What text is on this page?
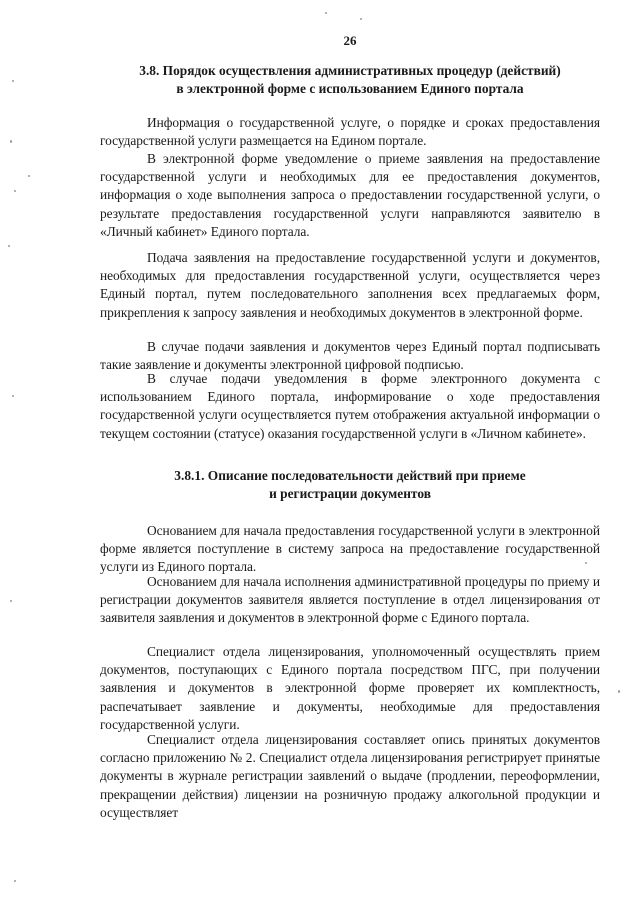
26
3.8. Порядок осуществления административных процедур (действий)
в электронной форме с использованием Единого портала

Информация о государственной услуге, о порядке и сроках предоставления государственной услуги размещается на Едином портале.

В электронной форме уведомление о приеме заявления на предоставление государственной услуги и необходимых для ее предоставления документов, информация о ходе выполнения запроса о предоставлении государственной услуги, о результате предоставления государственной услуги направляются заявителю в «Личный кабинет» Единого портала.

Подача заявления на предоставление государственной услуги и документов, необходимых для предоставления государственной услуги, осуществляется через Единый портал, путем последовательного заполнения всех предлагаемых форм, прикрепления к запросу заявления и необходимых документов в электронной форме.

В случае подачи заявления и документов через Единый портал подписывать такие заявление и документы электронной цифровой подписью.

В случае подачи уведомления в форме электронного документа с использованием Единого портала, информирование о ходе предоставления государственной услуги осуществляется путем отображения актуальной информации о текущем состоянии (статусе) оказания государственной услуги в «Личном кабинете».

3.8.1. Описание последовательности действий при приеме
и регистрации документов

Основанием для начала предоставления государственной услуги в электронной форме является поступление в систему запроса на предоставление государственной услуги из Единого портала.

Основанием для начала исполнения административной процедуры по приему и регистрации документов заявителя является поступление в отдел лицензирования от заявителя заявления и документов в электронной форме с Единого портала.

Специалист отдела лицензирования, уполномоченный осуществлять прием документов, поступающих с Единого портала посредством ПГС, при получении заявления и документов в электронной форме проверяет их комплектность, распечатывает заявление и документы, необходимые для предоставления государственной услуги.

Специалист отдела лицензирования составляет опись принятых документов согласно приложению № 2. Специалист отдела лицензирования регистрирует принятые документы в журнале регистрации заявлений о выдаче (продлении, переоформлении, прекращении действия) лицензии на розничную продажу алкогольной продукции и осуществляет
